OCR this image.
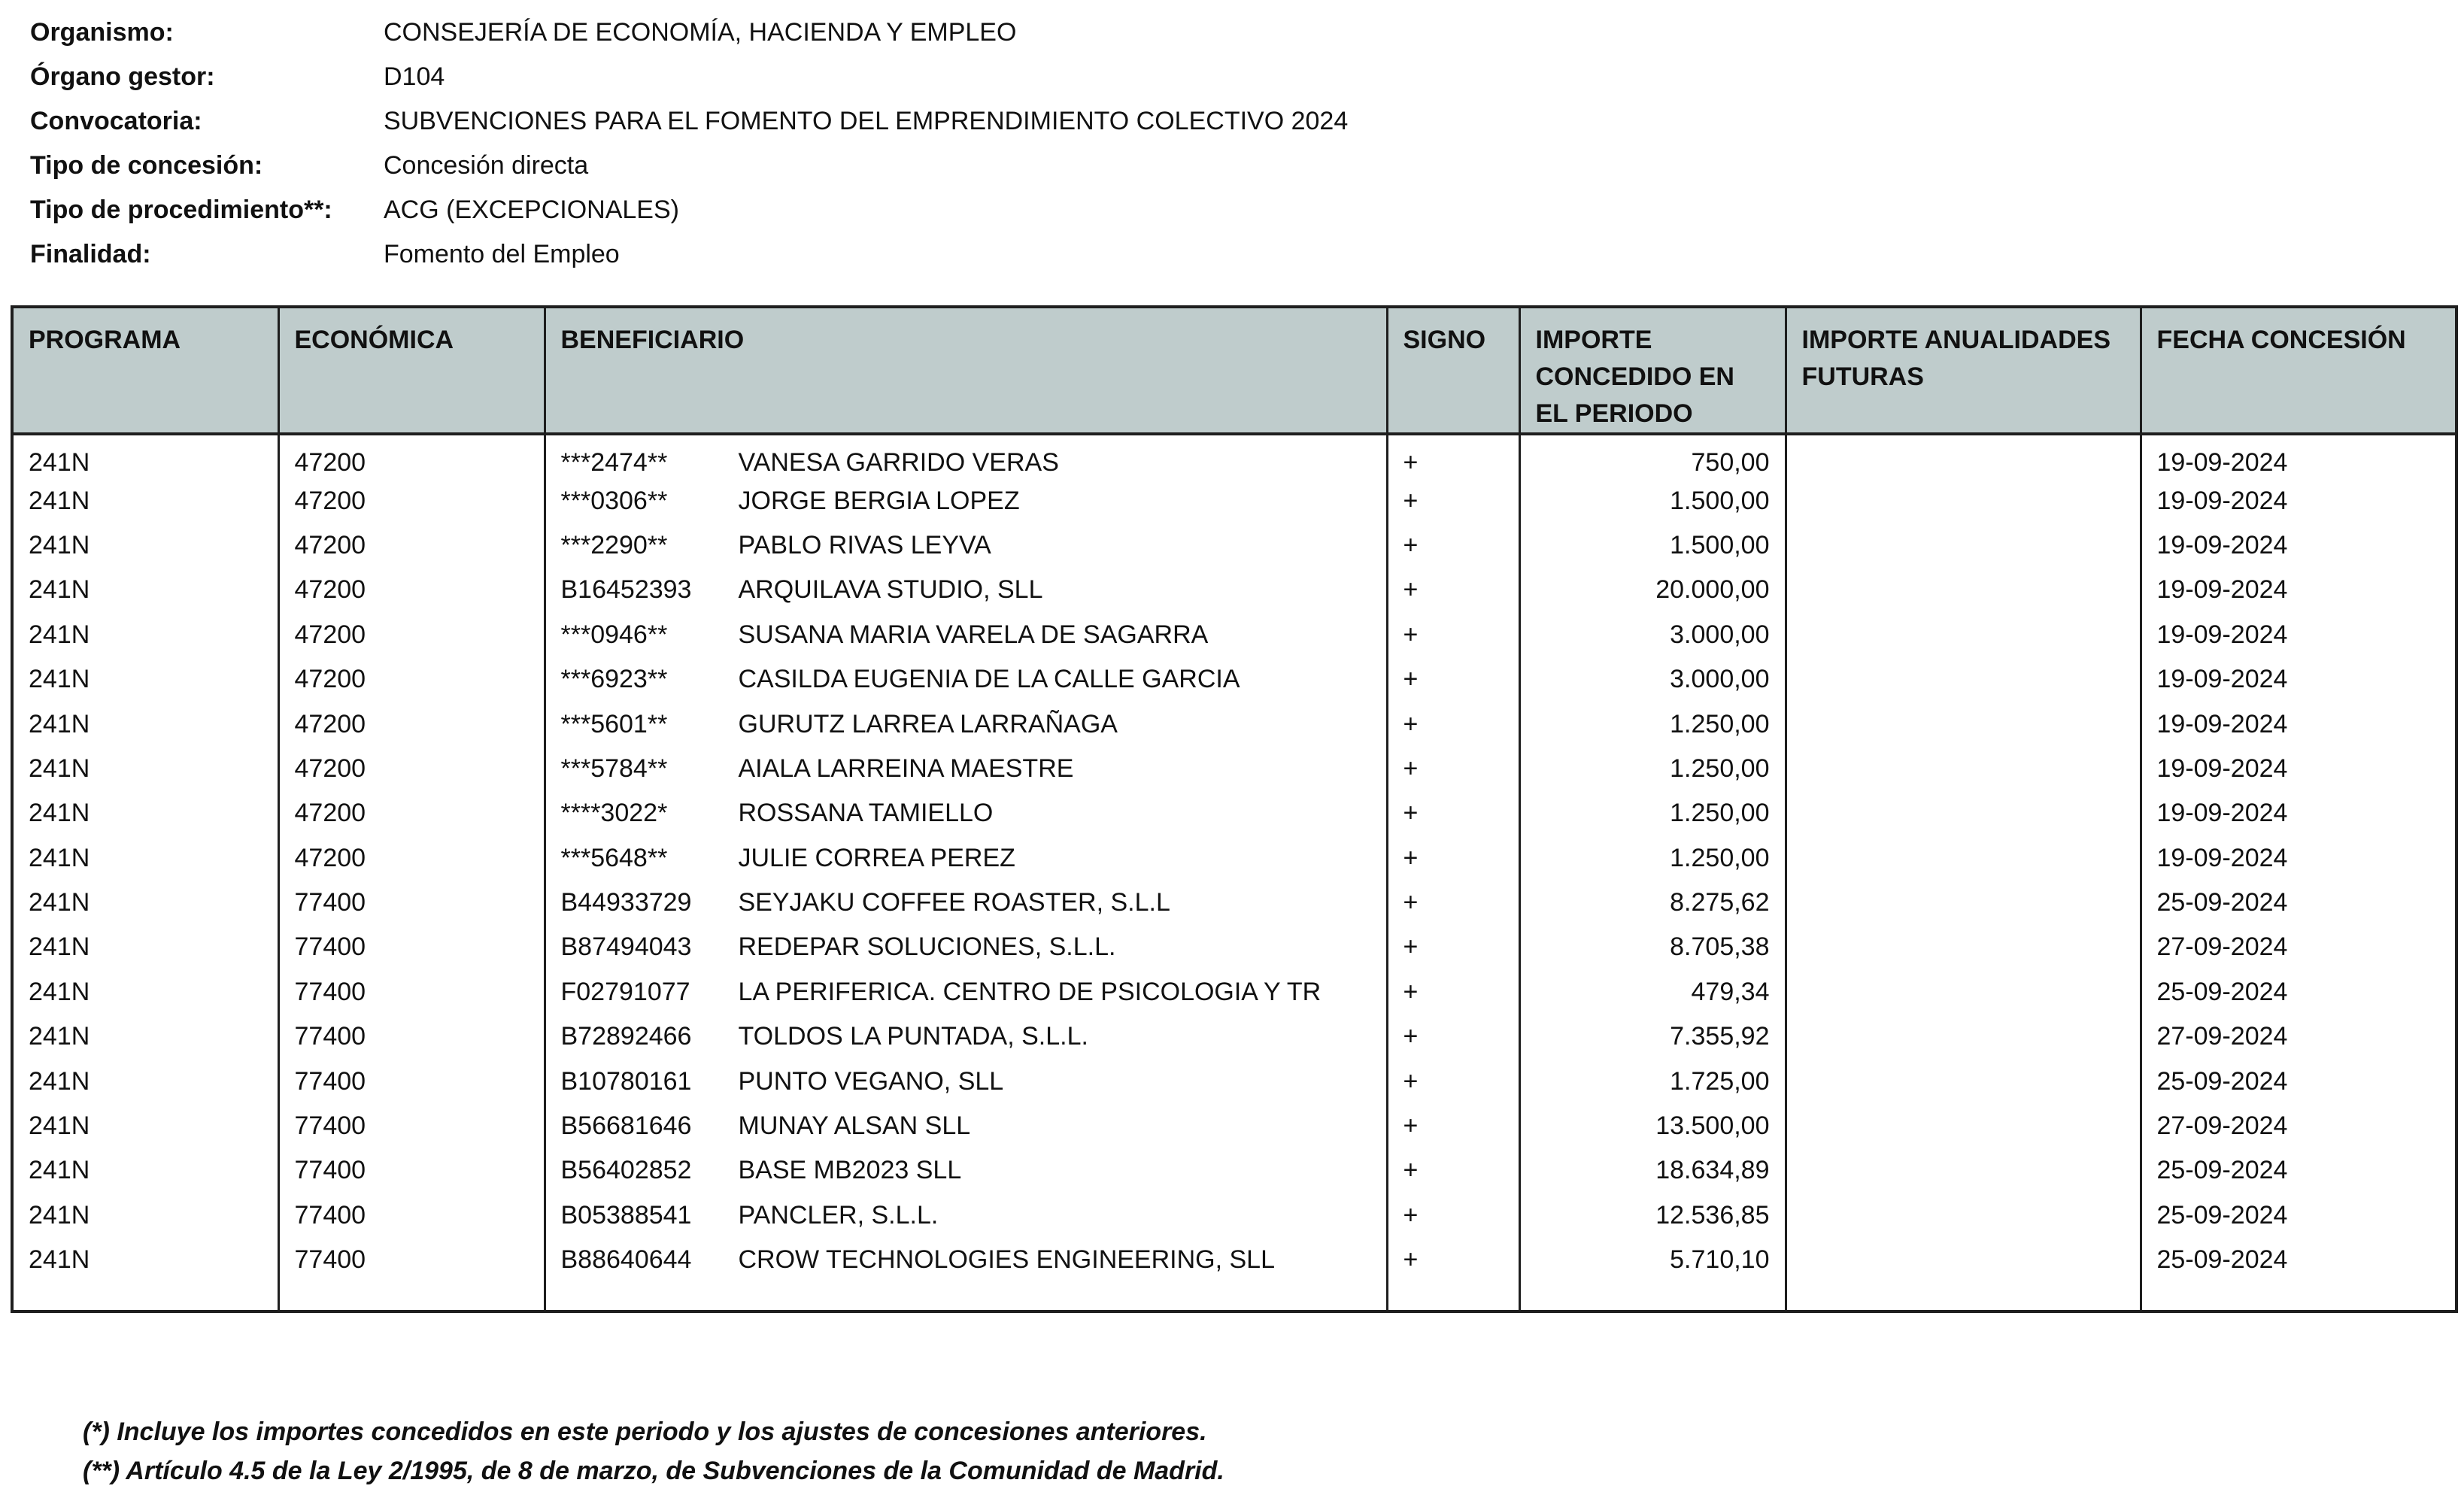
Organismo:	CONSEJERÍA DE ECONOMÍA, HACIENDA Y EMPLEO
Órgano gestor:	D104
Convocatoria:	SUBVENCIONES PARA EL FOMENTO DEL EMPRENDIMIENTO COLECTIVO 2024
Tipo de concesión:	Concesión directa
Tipo de procedimiento**:	ACG (EXCEPCIONALES)
Finalidad:	Fomento del Empleo
PROGRAMA	ECONÓMICA	BENEFICIARIO	SIGNO	IMPORTE CONCEDIDO EN EL PERIODO	IMPORTE ANUALIDADES FUTURAS	FECHA CONCESIÓN
241N	47200	***2474** VANESA GARRIDO VERAS	+	750,00		19-09-2024
241N	47200	***0306** JORGE BERGIA LOPEZ	+	1.500,00		19-09-2024
241N	47200	***2290** PABLO RIVAS LEYVA	+	1.500,00		19-09-2024
241N	47200	B16452393 ARQUILAVA STUDIO, SLL	+	20.000,00		19-09-2024
241N	47200	***0946** SUSANA MARIA VARELA DE SAGARRA	+	3.000,00		19-09-2024
241N	47200	***6923** CASILDA EUGENIA DE LA CALLE GARCIA	+	3.000,00		19-09-2024
241N	47200	***5601** GURUTZ LARREA LARRAÑAGA	+	1.250,00		19-09-2024
241N	47200	***5784** AIALA LARREINA MAESTRE	+	1.250,00		19-09-2024
241N	47200	****3022* ROSSANA TAMIELLO	+	1.250,00		19-09-2024
241N	47200	***5648** JULIE CORREA PEREZ	+	1.250,00		19-09-2024
241N	77400	B44933729 SEYJAKU COFFEE ROASTER, S.L.L	+	8.275,62		25-09-2024
241N	77400	B87494043 REDEPAR SOLUCIONES, S.L.L.	+	8.705,38		27-09-2024
241N	77400	F02791077 LA PERIFERICA. CENTRO DE PSICOLOGIA Y TR	+	479,34		25-09-2024
241N	77400	B72892466 TOLDOS LA PUNTADA, S.L.L.	+	7.355,92		27-09-2024
241N	77400	B10780161 PUNTO VEGANO, SLL	+	1.725,00		25-09-2024
241N	77400	B56681646 MUNAY ALSAN SLL	+	13.500,00		27-09-2024
241N	77400	B56402852 BASE MB2023 SLL	+	18.634,89		25-09-2024
241N	77400	B05388541 PANCLER, S.L.L.	+	12.536,85		25-09-2024
241N	77400	B88640644 CROW TECHNOLOGIES ENGINEERING, SLL	+	5.710,10		25-09-2024

(*) Incluye los importes concedidos en este periodo y los ajustes de concesiones anteriores.
(**) Artículo 4.5 de la Ley 2/1995, de 8 de marzo, de Subvenciones de la Comunidad de Madrid.
